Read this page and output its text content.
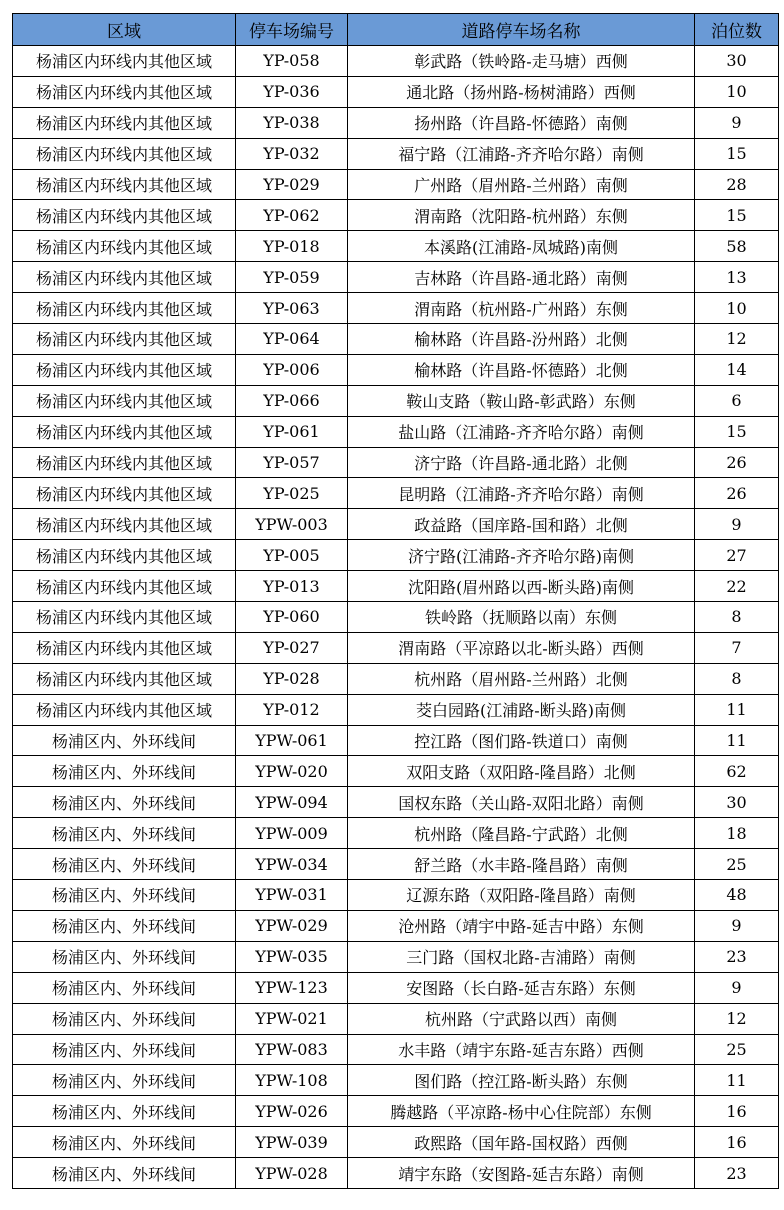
区域	停车场编号	道路停车场名称	泊位数
杨浦区内环线内其他区域	YP-058	彰武路（铁岭路-走马塘）西侧	30
杨浦区内环线内其他区域	YP-036	通北路（扬州路-杨树浦路）西侧	10
杨浦区内环线内其他区域	YP-038	扬州路（许昌路-怀德路）南侧	9
杨浦区内环线内其他区域	YP-032	福宁路（江浦路-齐齐哈尔路）南侧	15
杨浦区内环线内其他区域	YP-029	广州路（眉州路-兰州路）南侧	28
杨浦区内环线内其他区域	YP-062	渭南路（沈阳路-杭州路）东侧	15
杨浦区内环线内其他区域	YP-018	本溪路(江浦路-凤城路)南侧	58
杨浦区内环线内其他区域	YP-059	吉林路（许昌路-通北路）南侧	13
杨浦区内环线内其他区域	YP-063	渭南路（杭州路-广州路）东侧	10
杨浦区内环线内其他区域	YP-064	榆林路（许昌路-汾州路）北侧	12
杨浦区内环线内其他区域	YP-006	榆林路（许昌路-怀德路）北侧	14
杨浦区内环线内其他区域	YP-066	鞍山支路（鞍山路-彰武路）东侧	6
杨浦区内环线内其他区域	YP-061	盐山路（江浦路-齐齐哈尔路）南侧	15
杨浦区内环线内其他区域	YP-057	济宁路（许昌路-通北路）北侧	26
杨浦区内环线内其他区域	YP-025	昆明路（江浦路-齐齐哈尔路）南侧	26
杨浦区内环线内其他区域	YPW-003	政益路（国庠路-国和路）北侧	9
杨浦区内环线内其他区域	YP-005	济宁路(江浦路-齐齐哈尔路)南侧	27
杨浦区内环线内其他区域	YP-013	沈阳路(眉州路以西-断头路)南侧	22
杨浦区内环线内其他区域	YP-060	铁岭路（抚顺路以南）东侧	8
杨浦区内环线内其他区域	YP-027	渭南路（平凉路以北-断头路）西侧	7
杨浦区内环线内其他区域	YP-028	杭州路（眉州路-兰州路）北侧	8
杨浦区内环线内其他区域	YP-012	茭白园路(江浦路-断头路)南侧	11
杨浦区内、外环线间	YPW-061	控江路（图们路-铁道口）南侧	11
杨浦区内、外环线间	YPW-020	双阳支路（双阳路-隆昌路）北侧	62
杨浦区内、外环线间	YPW-094	国权东路（关山路-双阳北路）南侧	30
杨浦区内、外环线间	YPW-009	杭州路（隆昌路-宁武路）北侧	18
杨浦区内、外环线间	YPW-034	舒兰路（水丰路-隆昌路）南侧	25
杨浦区内、外环线间	YPW-031	辽源东路（双阳路-隆昌路）南侧	48
杨浦区内、外环线间	YPW-029	沧州路（靖宇中路-延吉中路）东侧	9
杨浦区内、外环线间	YPW-035	三门路（国权北路-吉浦路）南侧	23
杨浦区内、外环线间	YPW-123	安图路（长白路-延吉东路）东侧	9
杨浦区内、外环线间	YPW-021	杭州路（宁武路以西）南侧	12
杨浦区内、外环线间	YPW-083	水丰路（靖宇东路-延吉东路）西侧	25
杨浦区内、外环线间	YPW-108	图们路（控江路-断头路）东侧	11
杨浦区内、外环线间	YPW-026	腾越路（平凉路-杨中心住院部）东侧	16
杨浦区内、外环线间	YPW-039	政熙路（国年路-国权路）西侧	16
杨浦区内、外环线间	YPW-028	靖宇东路（安图路-延吉东路）南侧	23
